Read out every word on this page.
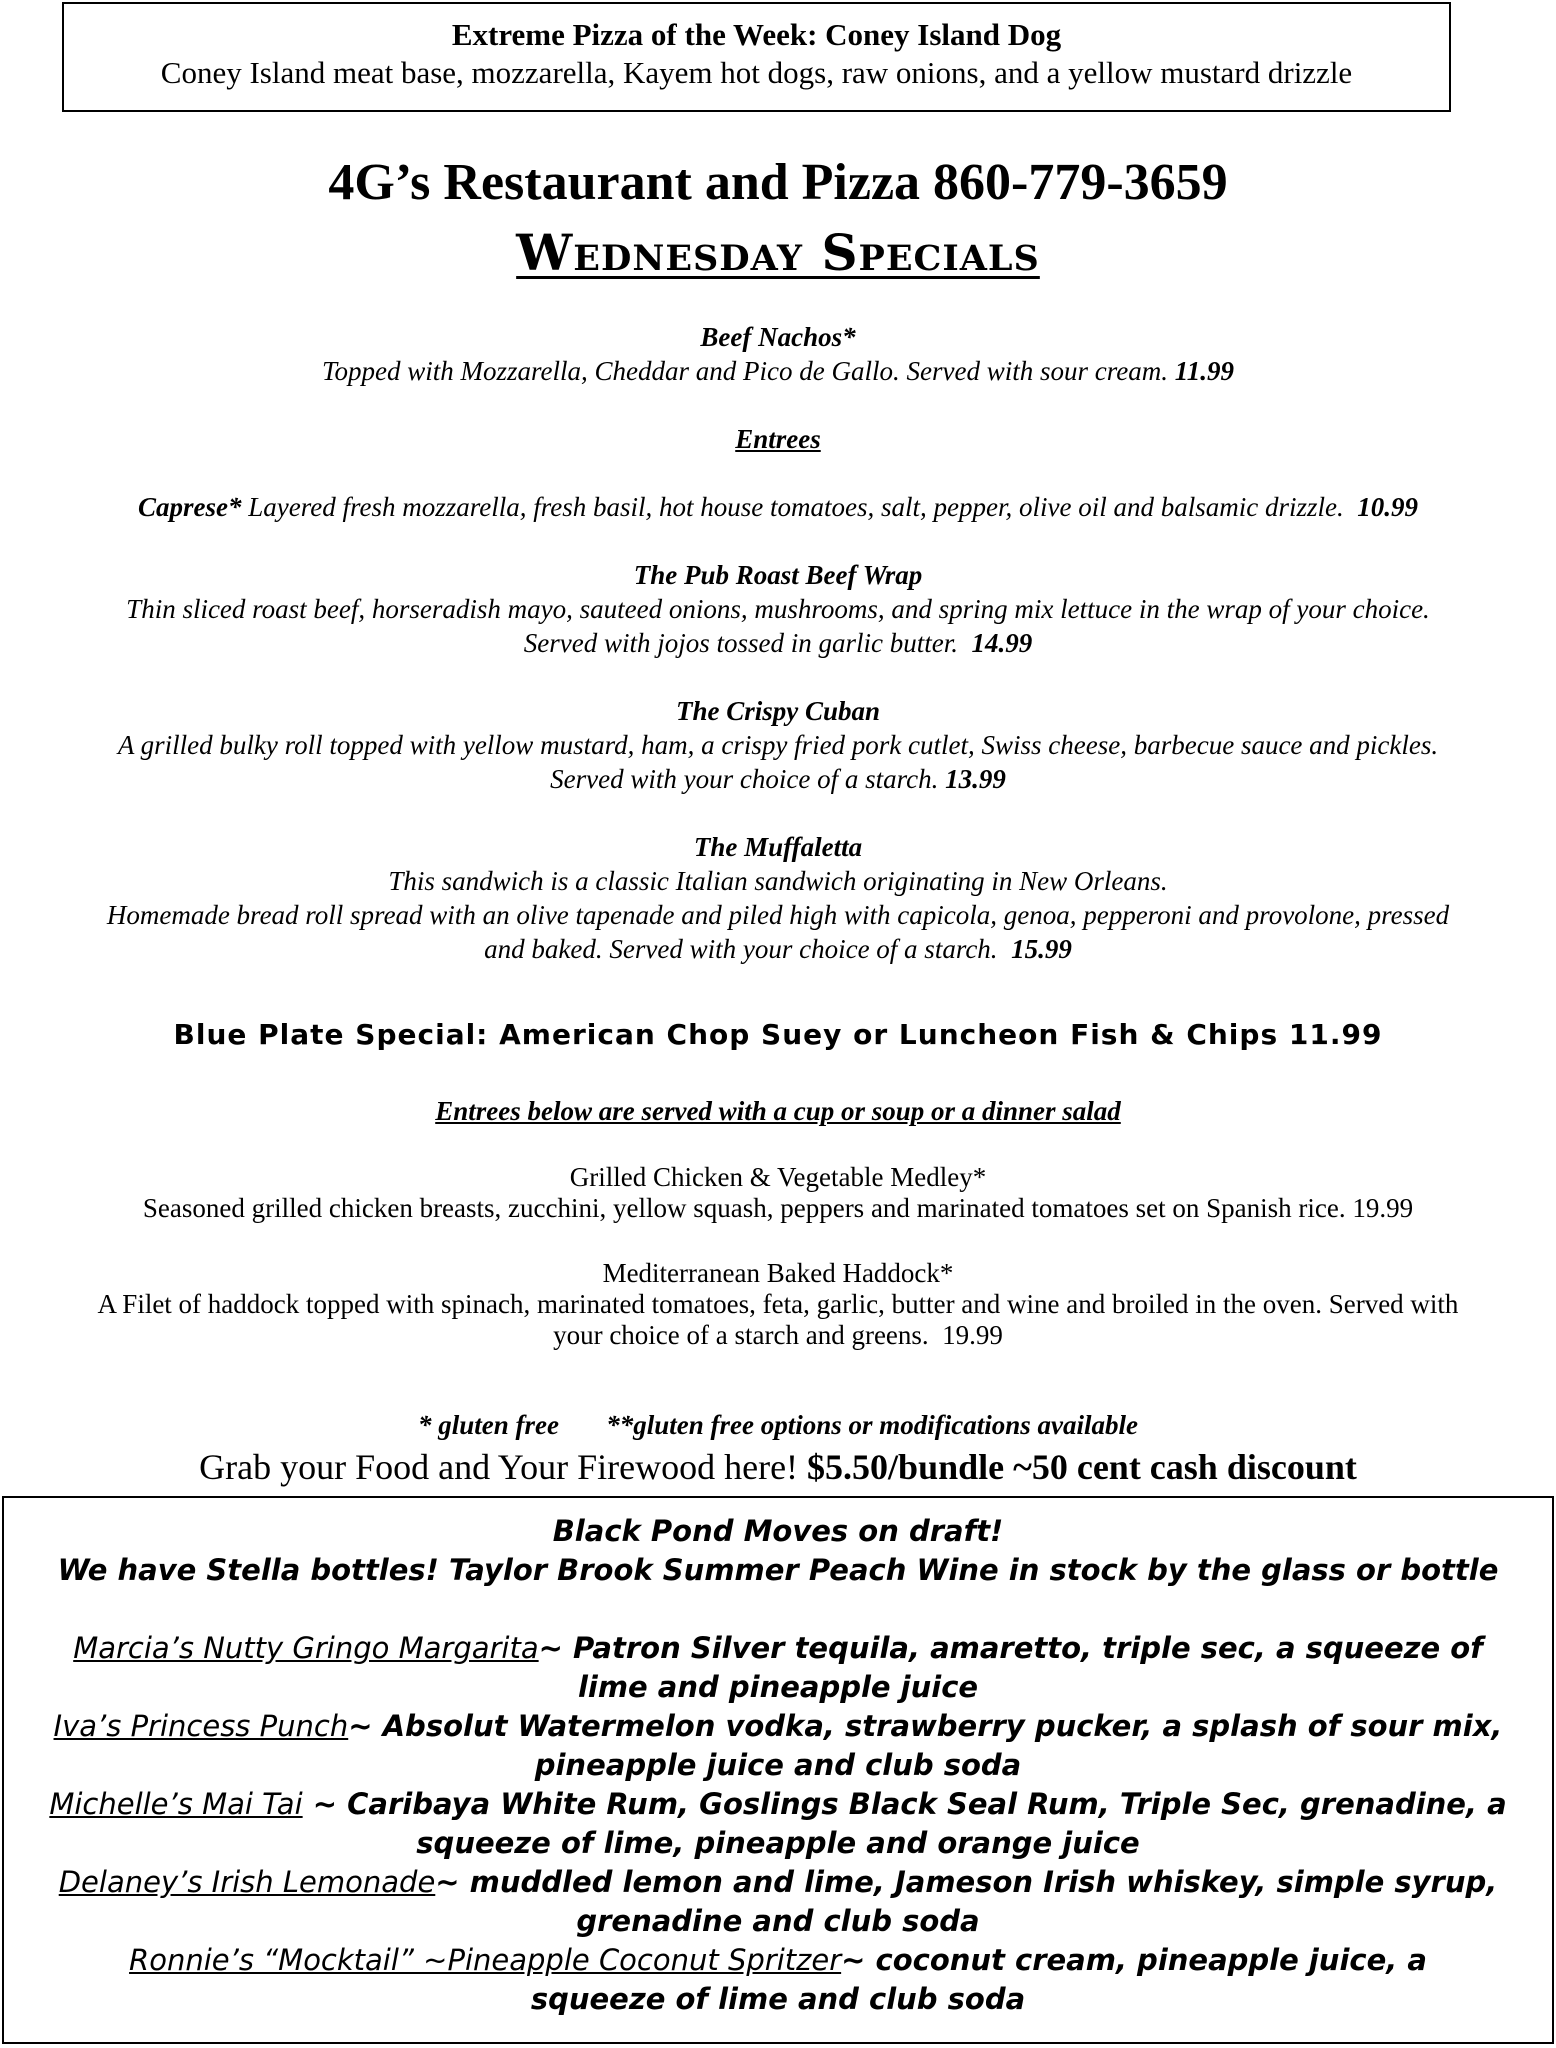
Extreme Pizza of the Week: Coney Island Dog
Coney Island meat base, mozzarella, Kayem hot dogs, raw onions, and a yellow mustard drizzle
4G’s Restaurant and Pizza 860-779-3659
Wednesday Specials
Beef Nachos*
Topped with Mozzarella, Cheddar and Pico de Gallo. Served with sour cream. 11.99
Entrees
Caprese* Layered fresh mozzarella, fresh basil, hot house tomatoes, salt, pepper, olive oil and balsamic drizzle. 10.99
The Pub Roast Beef Wrap
Thin sliced roast beef, horseradish mayo, sauteed onions, mushrooms, and spring mix lettuce in the wrap of your choice.
Served with jojos tossed in garlic butter. 14.99
The Crispy Cuban
A grilled bulky roll topped with yellow mustard, ham, a crispy fried pork cutlet, Swiss cheese, barbecue sauce and pickles.
Served with your choice of a starch. 13.99
The Muffaletta
This sandwich is a classic Italian sandwich originating in New Orleans.
Homemade bread roll spread with an olive tapenade and piled high with capicola, genoa, pepperoni and provolone, pressed
and baked. Served with your choice of a starch. 15.99
Blue Plate Special: American Chop Suey or Luncheon Fish & Chips 11.99
Entrees below are served with a cup or soup or a dinner salad
Grilled Chicken & Vegetable Medley*
Seasoned grilled chicken breasts, zucchini, yellow squash, peppers and marinated tomatoes set on Spanish rice. 19.99
Mediterranean Baked Haddock*
A Filet of haddock topped with spinach, marinated tomatoes, feta, garlic, butter and wine and broiled in the oven. Served with
your choice of a starch and greens. 19.99
* gluten free **gluten free options or modifications available
Grab your Food and Your Firewood here! $5.50/bundle ~50 cent cash discount
Black Pond Moves on draft!
We have Stella bottles! Taylor Brook Summer Peach Wine in stock by the glass or bottle
Marcia’s Nutty Gringo Margarita~ Patron Silver tequila, amaretto, triple sec, a squeeze of
lime and pineapple juice
Iva’s Princess Punch~ Absolut Watermelon vodka, strawberry pucker, a splash of sour mix,
pineapple juice and club soda
Michelle’s Mai Tai ~ Caribaya White Rum, Goslings Black Seal Rum, Triple Sec, grenadine, a
squeeze of lime, pineapple and orange juice
Delaney’s Irish Lemonade~ muddled lemon and lime, Jameson Irish whiskey, simple syrup,
grenadine and club soda
Ronnie’s “Mocktail” ~Pineapple Coconut Spritzer~ coconut cream, pineapple juice, a
squeeze of lime and club soda
